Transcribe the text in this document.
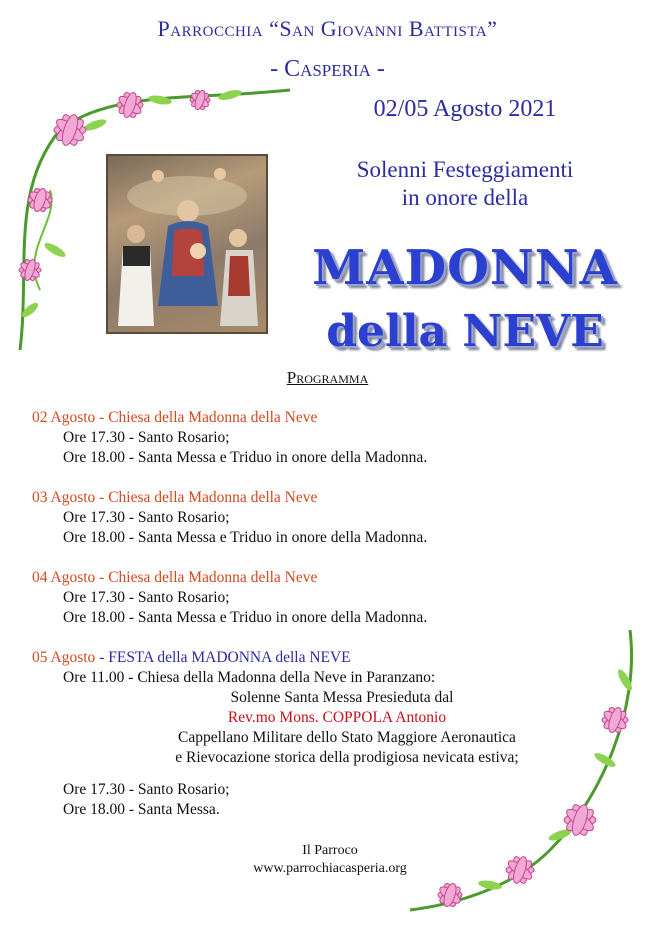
Parrocchia “San Giovanni Battista”
- Casperia -
02/05 Agosto 2021
Solenni Festeggiamenti
in onore della
MADONNA
della NEVE
Programma
02 Agosto - Chiesa della Madonna della Neve
Ore 17.30 - Santo Rosario;
Ore 18.00 - Santa Messa e Triduo in onore della Madonna.
03 Agosto - Chiesa della Madonna della Neve
Ore 17.30 - Santo Rosario;
Ore 18.00 - Santa Messa e Triduo in onore della Madonna.
04 Agosto - Chiesa della Madonna della Neve
Ore 17.30 - Santo Rosario;
Ore 18.00 - Santa Messa e Triduo in onore della Madonna.
05 Agosto - FESTA della MADONNA della NEVE
Ore 11.00 - Chiesa della Madonna della Neve in Paranzano:
Solenne Santa Messa Presieduta dal
Rev.mo Mons. COPPOLA Antonio
Cappellano Militare dello Stato Maggiore Aeronautica
e Rievocazione storica della prodigiosa nevicata estiva;
Ore 17.30 - Santo Rosario;
Ore 18.00 - Santa Messa.
Il Parroco
www.parrochiacasperia.org
